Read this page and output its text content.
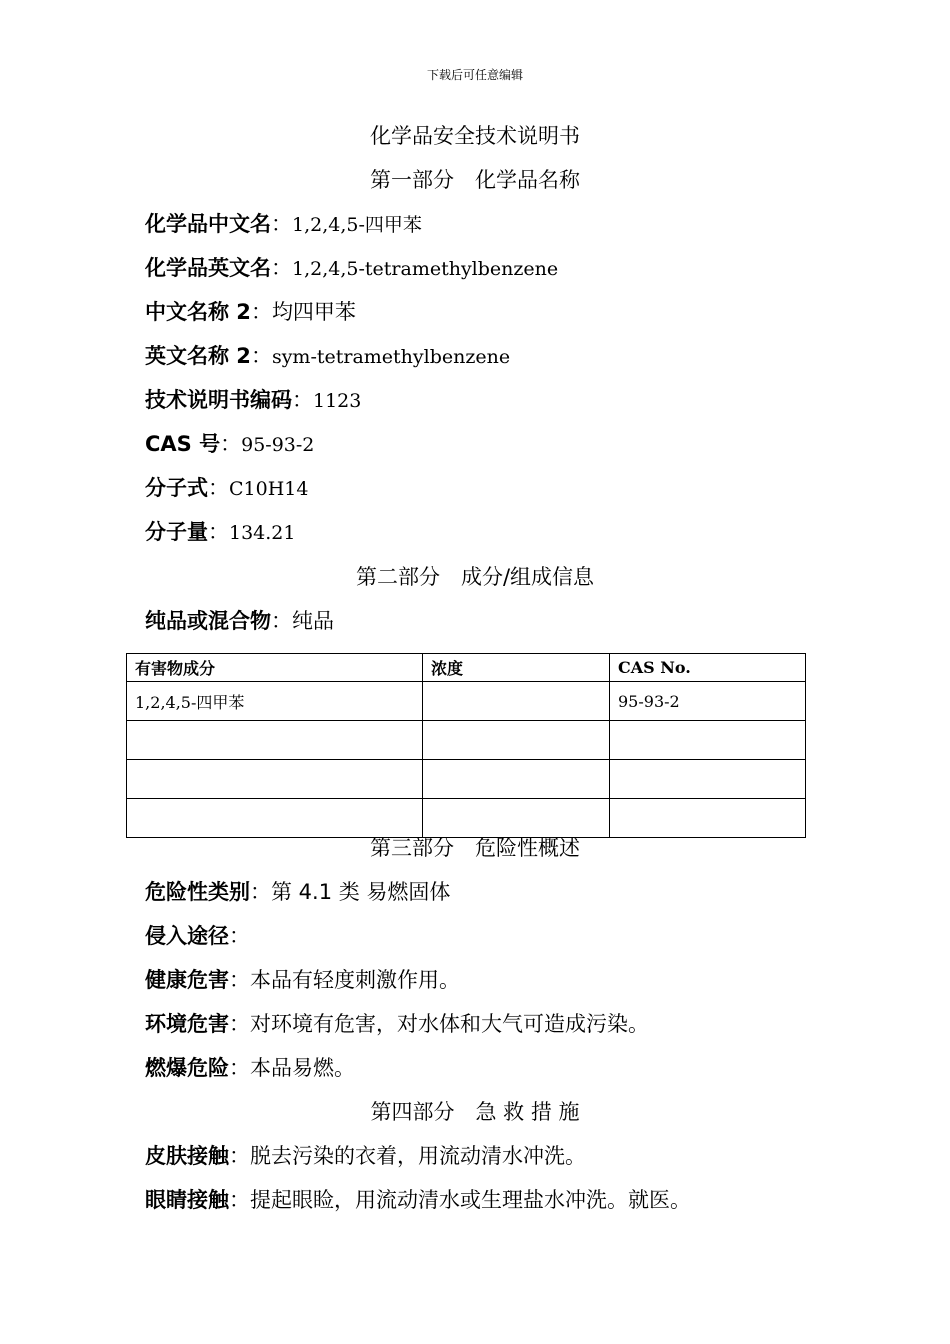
下载后可任意编辑
化学品安全技术说明书
第一部分　化学品名称
化学品中文名：1,2,4,5-四甲苯
化学品英文名：1,2,4,5-tetramethylbenzene
中文名称 2：均四甲苯
英文名称 2：sym-tetramethylbenzene
技术说明书编码：1123
CAS 号：95-93-2
分子式：C10H14
分子量：134.21
第二部分　成分/组成信息
纯品或混合物：纯品
有害物成分	浓度	CAS No.
1,2,4,5-四甲苯		95-93-2

第三部分　危险性概述
危险性类别：第 4.1 类 易燃固体
侵入途径：
健康危害：本品有轻度刺激作用。
环境危害：对环境有危害，对水体和大气可造成污染。
燃爆危险：本品易燃。
第四部分　急 救 措 施
皮肤接触：脱去污染的衣着，用流动清水冲洗。
眼睛接触：提起眼睑，用流动清水或生理盐水冲洗。就医。
